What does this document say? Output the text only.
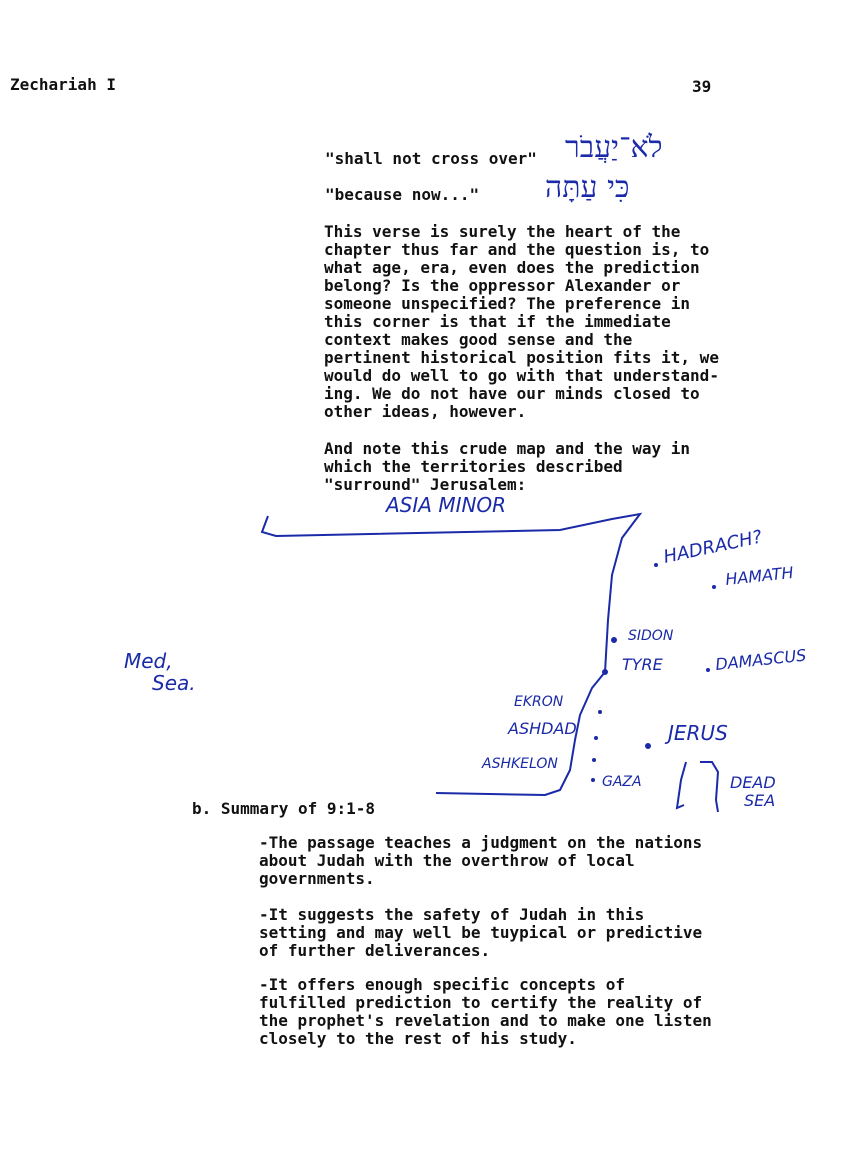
Zechariah I	39
"shall not cross over" לֹא־יַעֲבֹר
"because now..." כִּי עַתָּה
This verse is surely the heart of the
chapter thus far and the question is, to
what age, era, even does the prediction
belong? Is the oppressor Alexander or
someone unspecified? The preference in
this corner is that if the immediate
context makes good sense and the
pertinent historical position fits it, we
would do well to go with that understand-
ing. We do not have our minds closed to
other ideas, however.
And note this crude map and the way in
which the territories described
"surround" Jerusalem:
ASIA MINOR
HADRACH?
HAMATH
SIDON
TYRE	DAMASCUS
Med,
Sea.
EKRON
ASHDAD
ASHKELON
JERUS
GAZA	DEAD
SEA
b. Summary of 9:1-8
-The passage teaches a judgment on the nations
about Judah with the overthrow of local
governments.
-It suggests the safety of Judah in this
setting and may well be tuypical or predictive
of further deliverances.
-It offers enough specific concepts of
fulfilled prediction to certify the reality of
the prophet's revelation and to make one listen
closely to the rest of his study.
